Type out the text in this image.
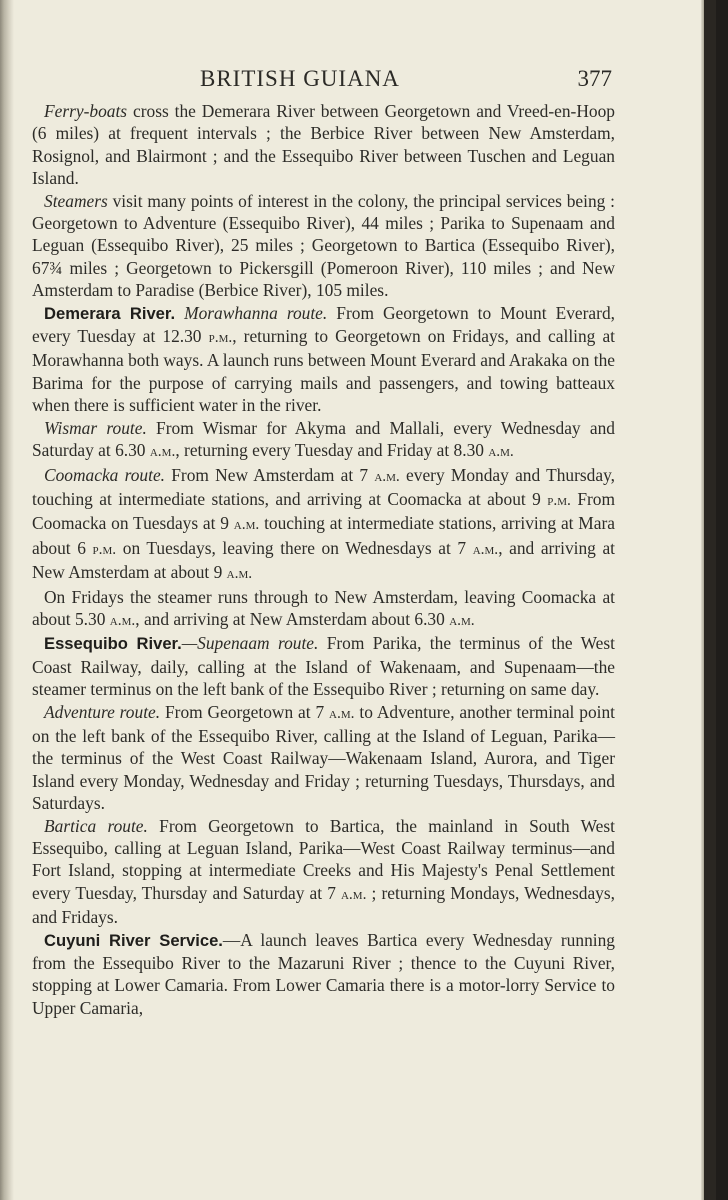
BRITISH GUIANA	377

Ferry-boats cross the Demerara River between Georgetown and Vreed-en-Hoop (6 miles) at frequent intervals ; the Berbice River between New Amsterdam, Rosignol, and Blairmont ; and the Essequibo River between Tuschen and Leguan Island.

Steamers visit many points of interest in the colony, the principal services being : Georgetown to Adventure (Essequibo River), 44 miles ; Parika to Supenaam and Leguan (Essequibo River), 25 miles ; Georgetown to Bartica (Essequibo River), 67¾ miles ; Georgetown to Pickersgill (Pomeroon River), 110 miles ; and New Amsterdam to Paradise (Berbice River), 105 miles.

Demerara River. Morawhanna route. From Georgetown to Mount Everard, every Tuesday at 12.30 p.m., returning to Georgetown on Fridays, and calling at Morawhanna both ways. A launch runs between Mount Everard and Arakaka on the Barima for the purpose of carrying mails and passengers, and towing batteaux when there is sufficient water in the river.

Wismar route. From Wismar for Akyma and Mallali, every Wednesday and Saturday at 6.30 a.m., returning every Tuesday and Friday at 8.30 a.m.

Coomacka route. From New Amsterdam at 7 a.m. every Monday and Thursday, touching at intermediate stations, and arriving at Coomacka at about 9 p.m. From Coomacka on Tuesdays at 9 a.m. touching at intermediate stations, arriving at Mara about 6 p.m. on Tuesdays, leaving there on Wednesdays at 7 a.m., and arriving at New Amsterdam at about 9 a.m.

On Fridays the steamer runs through to New Amsterdam, leaving Coomacka at about 5.30 a.m., and arriving at New Amsterdam about 6.30 a.m.

Essequibo River.—Supenaam route. From Parika, the terminus of the West Coast Railway, daily, calling at the Island of Wakenaam, and Supenaam—the steamer terminus on the left bank of the Essequibo River ; returning on same day.

Adventure route. From Georgetown at 7 a.m. to Adventure, another terminal point on the left bank of the Essequibo River, calling at the Island of Leguan, Parika—the terminus of the West Coast Railway—Wakenaam Island, Aurora, and Tiger Island every Monday, Wednesday and Friday ; returning Tuesdays, Thursdays, and Saturdays.

Bartica route. From Georgetown to Bartica, the mainland in South West Essequibo, calling at Leguan Island, Parika—West Coast Railway terminus—and Fort Island, stopping at intermediate Creeks and His Majesty's Penal Settlement every Tuesday, Thursday and Saturday at 7 a.m. ; returning Mondays, Wednesdays, and Fridays.

Cuyuni River Service.—A launch leaves Bartica every Wednesday running from the Essequibo River to the Mazaruni River ; thence to the Cuyuni River, stopping at Lower Camaria. From Lower Camaria there is a motor-lorry Service to Upper Camaria,
